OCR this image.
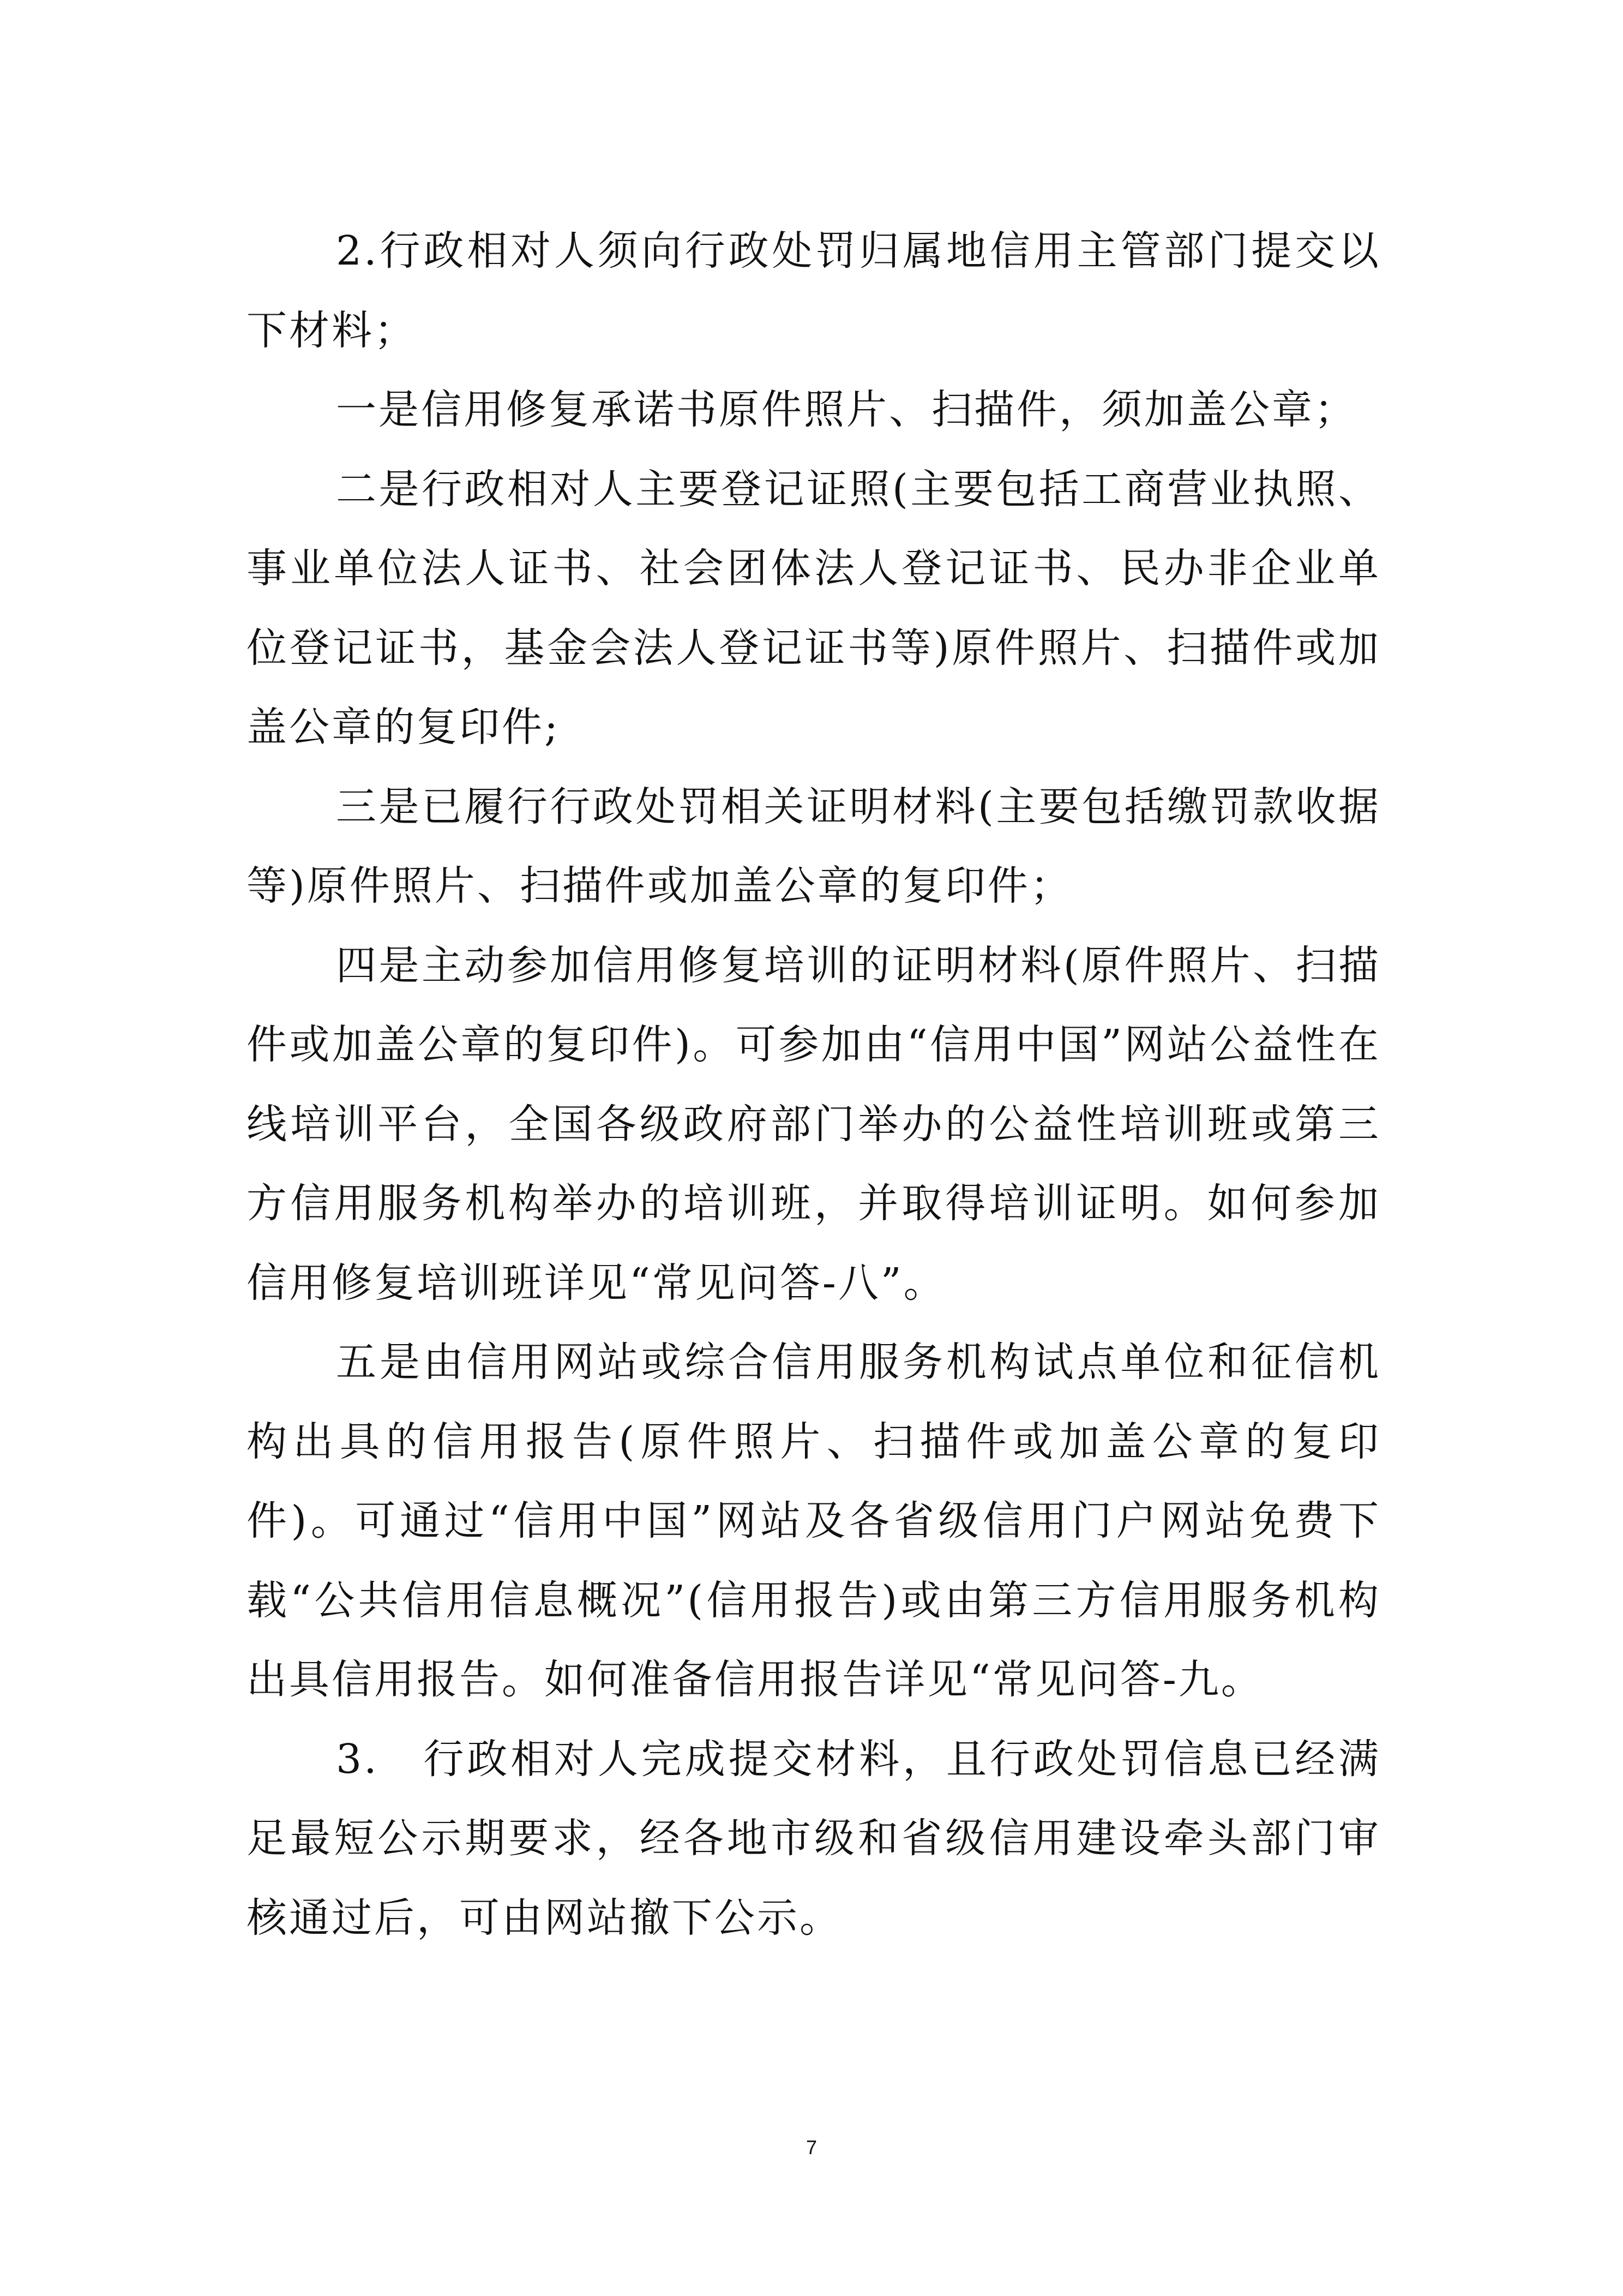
2.行政相对人须向行政处罚归属地信用主管部门提交以下材料；

一是信用修复承诺书原件照片、扫描件，须加盖公章；

二是行政相对人主要登记证照(主要包括工商营业执照、事业单位法人证书、社会团体法人登记证书、民办非企业单位登记证书，基金会法人登记证书等)原件照片、扫描件或加盖公章的复印件;

三是已履行行政处罚相关证明材料(主要包括缴罚款收据等)原件照片、扫描件或加盖公章的复印件；

四是主动参加信用修复培训的证明材料(原件照片、扫描件或加盖公章的复印件)。可参加由“信用中国”网站公益性在线培训平台，全国各级政府部门举办的公益性培训班或第三方信用服务机构举办的培训班，并取得培训证明。如何参加信用修复培训班详见“常见问答-八”。

五是由信用网站或综合信用服务机构试点单位和征信机构出具的信用报告(原件照片、扫描件或加盖公章的复印件)。可通过“信用中国”网站及各省级信用门户网站免费下载“公共信用信息概况”(信用报告)或由第三方信用服务机构出具信用报告。如何准备信用报告详见“常见问答-九。

3.　行政相对人完成提交材料，且行政处罚信息已经满足最短公示期要求，经各地市级和省级信用建设牵头部门审核通过后，可由网站撤下公示。

7
